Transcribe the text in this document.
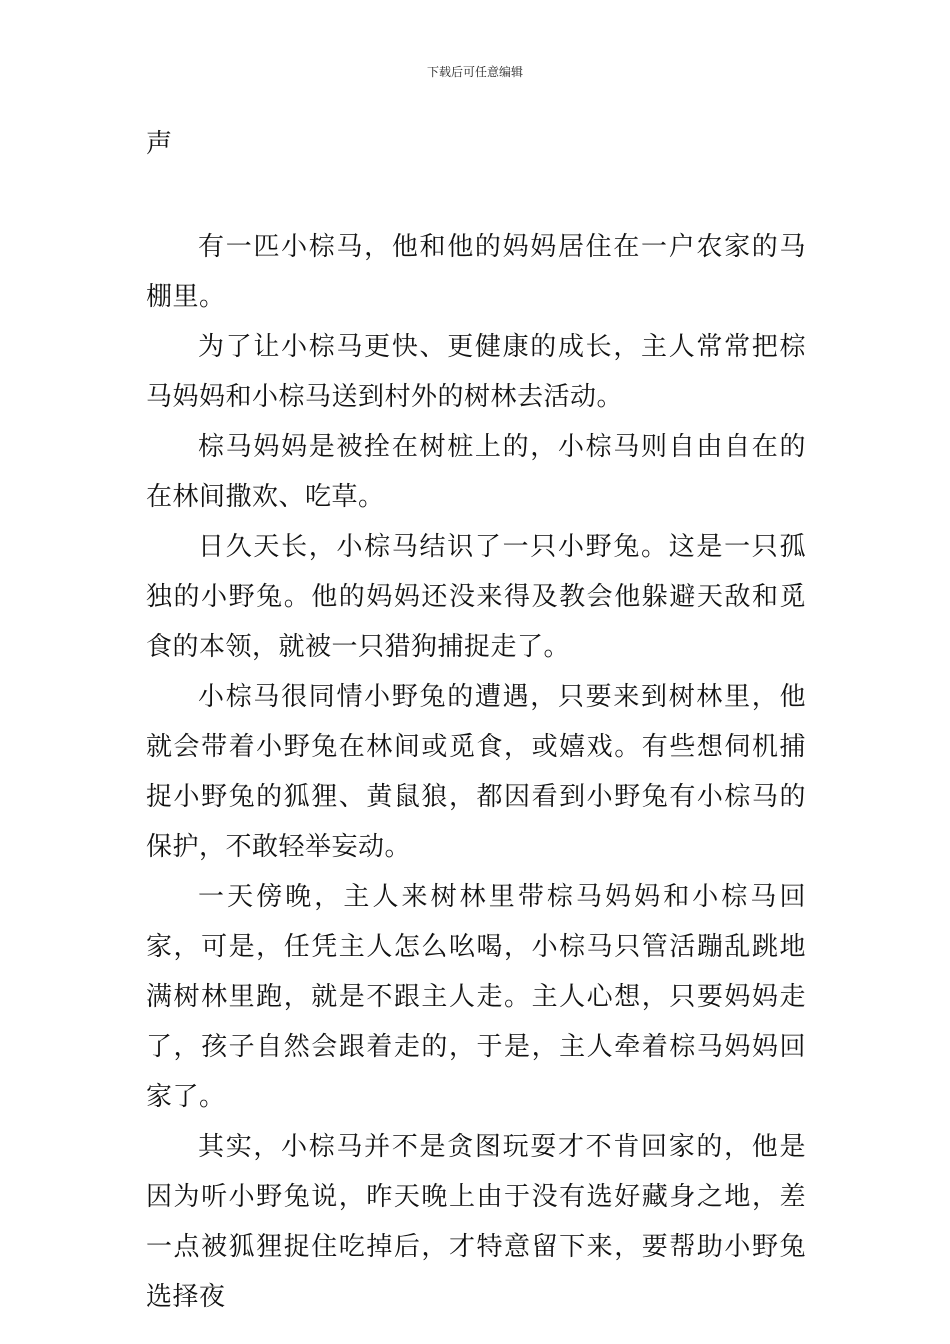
下载后可任意编辑
声

有一匹小棕马，他和他的妈妈居住在一户农家的马棚里。

为了让小棕马更快、更健康的成长，主人常常把棕马妈妈和小棕马送到村外的树林去活动。

棕马妈妈是被拴在树桩上的，小棕马则自由自在的在林间撒欢、吃草。

日久天长，小棕马结识了一只小野兔。这是一只孤独的小野兔。他的妈妈还没来得及教会他躲避天敌和觅食的本领，就被一只猎狗捕捉走了。

小棕马很同情小野兔的遭遇，只要来到树林里，他就会带着小野兔在林间或觅食，或嬉戏。有些想伺机捕捉小野兔的狐狸、黄鼠狼，都因看到小野兔有小棕马的保护，不敢轻举妄动。

一天傍晚，主人来树林里带棕马妈妈和小棕马回家，可是，任凭主人怎么吆喝，小棕马只管活蹦乱跳地满树林里跑，就是不跟主人走。主人心想，只要妈妈走了，孩子自然会跟着走的，于是，主人牵着棕马妈妈回家了。

其实，小棕马并不是贪图玩耍才不肯回家的，他是因为听小野兔说，昨天晚上由于没有选好藏身之地，差一点被狐狸捉住吃掉后，才特意留下来，要帮助小野兔选择夜
